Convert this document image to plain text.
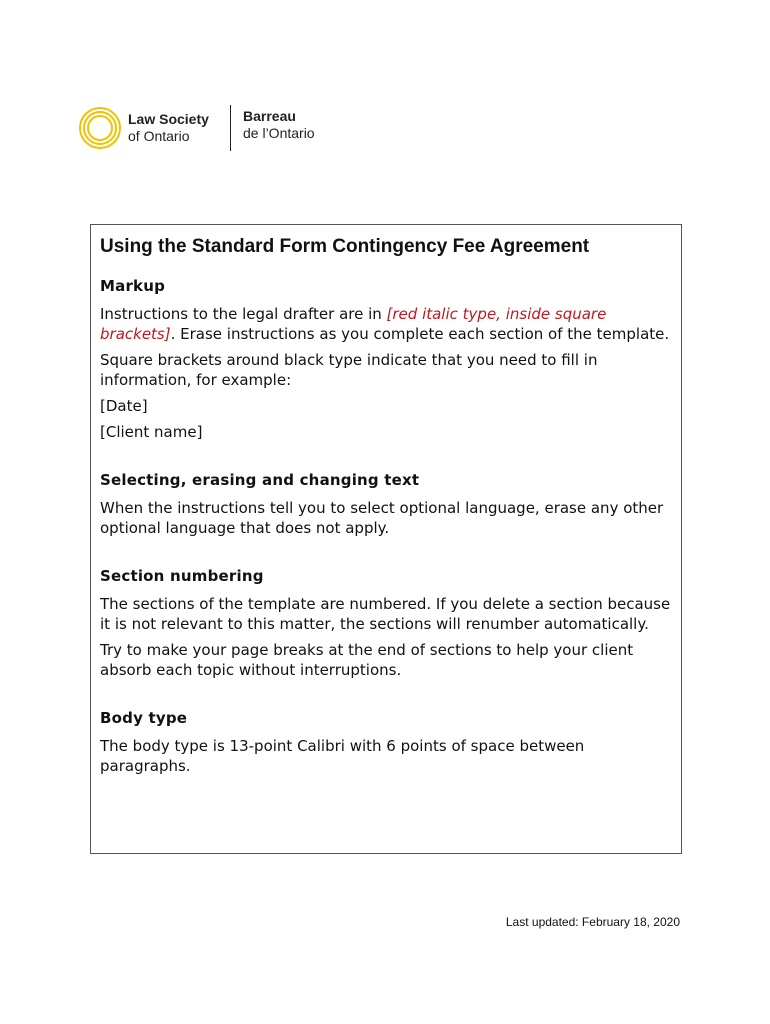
Law Society
of Ontario
Barreau
de l’Ontario
Using the Standard Form Contingency Fee Agreement
Markup

Instructions to the legal drafter are in [red italic type, inside square brackets]. Erase instructions as you complete each section of the template.

Square brackets around black type indicate that you need to fill in information, for example:

[Date]

[Client name]

Selecting, erasing and changing text

When the instructions tell you to select optional language, erase any other optional language that does not apply.

Section numbering

The sections of the template are numbered. If you delete a section because it is not relevant to this matter, the sections will renumber automatically.

Try to make your page breaks at the end of sections to help your client absorb each topic without interruptions.

Body type

The body type is 13-point Calibri with 6 points of space between paragraphs.

Last updated: February 18, 2020
